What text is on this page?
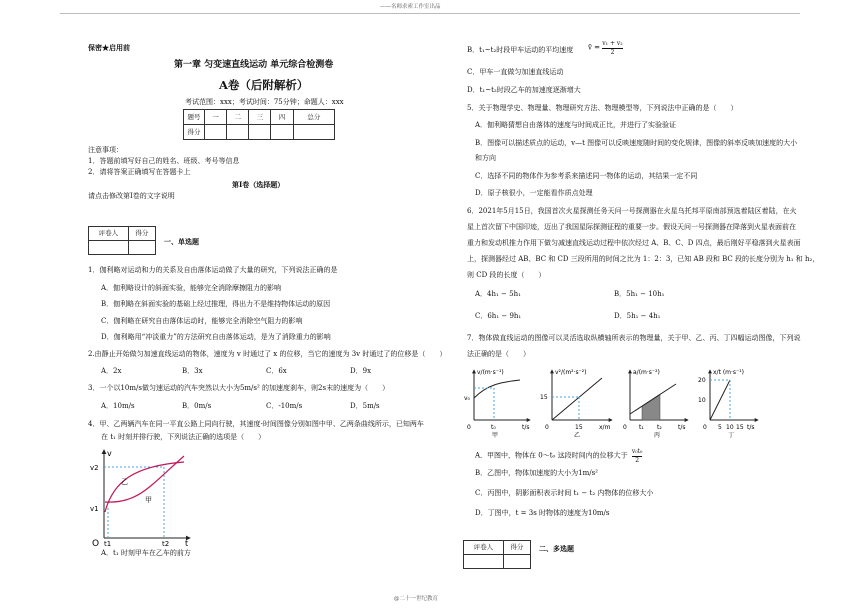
——名师求索工作室出品
@二十一世纪教育
保密★启用前
第一章 匀变速直线运动 单元综合检测卷
A卷（后附解析）
考试范围：xxx；考试时间：75分钟；命题人：xxx
题号	一	二	三	四	总分
得分					
注意事项：
1．答题前填写好自己的姓名、班级、考号等信息
2．请将答案正确填写在答题卡上
第Ⅰ卷（选择题）
请点击修改第I卷的文字说明
评卷人	得分

一、单选题
1．伽利略对运动和力的关系及自由落体运动做了大量的研究，下列说法正确的是
A．伽利略设计的斜面实验，能够完全消除摩擦阻力的影响
B．伽利略在斜面实验的基础上经过推理，得出力不是维持物体运动的原因
C．伽利略在研究自由落体运动时，能够完全消除空气阻力的影响
D．伽利略用“冲淡重力”的方法研究自由落体运动，是为了消除重力的影响
2.由静止开始做匀加速直线运动的物体，速度为 v 时通过了 x 的位移，当它的速度为 3v 时通过了的位移是（　　）
A．2x	B．3x	C．6x	D．9x
3．一个以10m/s做匀速运动的汽车突然以大小为5m/s² 的加速度刹车，则2s末的速度为（　　）
A．10m/s	B．0m/s	C．-10m/s	D．5m/s
4．甲、乙两辆汽车在同一平直公路上同向行驶，其速度-时间图像分别如图中甲、乙两条曲线所示，已知两车
在 t₁ 时刻并排行驶，下列说法正确的选项是（　　）
v
t
O
v2
v1
t1	t2
乙
甲
A．t₁ 时刻甲车在乙车的前方
B．t₁~t₂时段甲车运动的平均速度 v̄ = $\frac{\text{v₁ + v₂}}{2}$
C．甲车一直做匀加速直线运动
D．t₁~t₂时段乙车的加速度逐渐增大
5．关于物理学史、物理量、物理研究方法、物理模型等，下列说法中正确的是（　　）
A．伽利略猜想自由落体的速度与时间成正比，并进行了实验验证
B．图像可以描述质点的运动，v—t 图像可以反映速度随时间的变化规律，图像的斜率反映加速度的大小
和方向
C．选择不同的物体作为参考系来描述同一物体的运动，其结果一定不同
D．原子核很小，一定能看作质点处理
6．2021年5月15日，我国首次火星探测任务天问一号探测器在火星乌托邦平原南部预选着陆区着陆，在火
星上首次留下中国印迹，迈出了我国星际探测征程的重要一步。假设天问一号探测器在降落到火星表面前在
重力和发动机推力作用下做匀减速直线运动过程中依次经过 A、B、C、D 四点，最后刚好平稳落到火星表面
上，探测器经过 AB、BC 和 CD 三段所用的时间之比为 1：2：3，已知 AB 段和 BC 段的长度分别为 h₁ 和 h₂，
则 CD 段的长度（　　）
A．4h₁ − 5h₁	B．5h₁ − 10h₁
C．6h₁ − 9h₁	D．5h₁ − 4h₁
7．物体做直线运动的图像可以灵活选取纵横轴所表示的物理量，关于甲、乙、丙、丁四幅运动图像，下列说
法正确的是（　　）
v/(m·s⁻¹)
t/s
0
v₀
t₀
甲
v²/(m²·s⁻²)
x/m
0
15
15
乙
a/(m·s⁻²)
t/s
0 t₁ t₂
丙
x/t (m·s⁻¹)
t/s
0
20
10
5 10 15
丁
A．甲图中，物体在 0～t₀ 这段时间内的位移大于 $\frac{\text{v₀t₀}}{2}$
B．乙图中，物体加速度的大小为1m/s²
C．丙图中，阴影面积表示时间 t₁ − t₂ 内物体的位移大小
D．丁图中，t = 3s 时物体的速度为10m/s
评卷人	得分
	二、多选题
